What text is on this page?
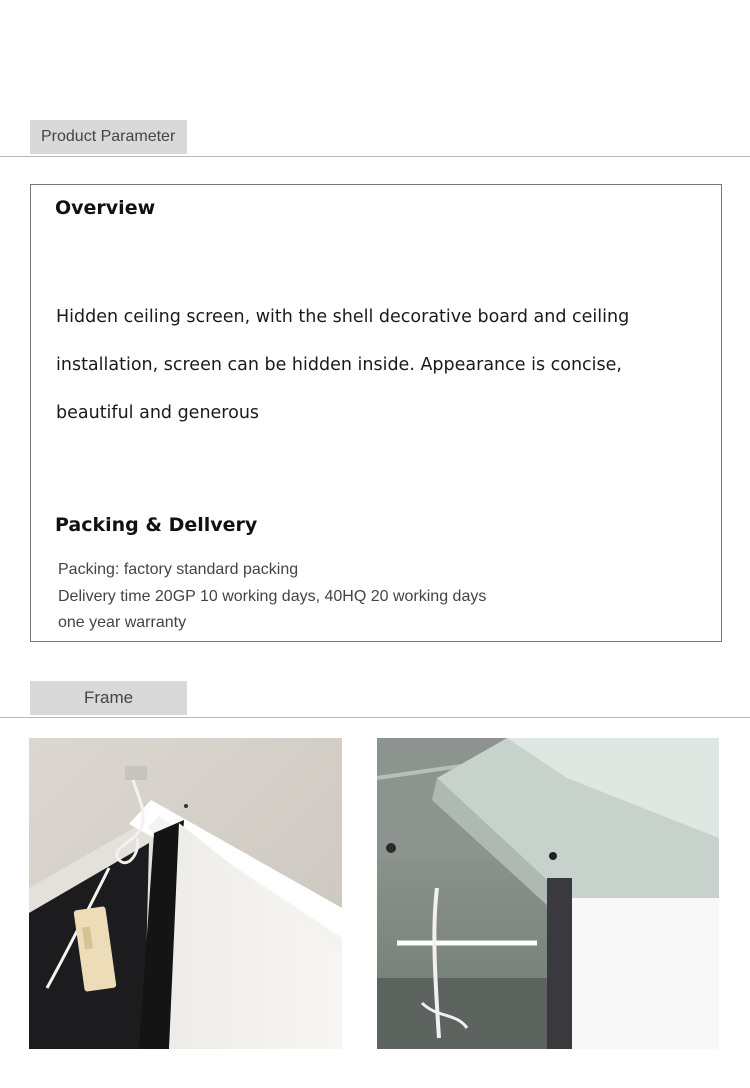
Product Parameter
Overview

Hidden ceiling screen, with the shell decorative board and ceiling installation, screen can be hidden inside. Appearance is concise, beautiful and generous

Packing & Dellvery
Packing: factory standard packing
Delivery time 20GP 10 working days, 40HQ 20 working days
one year warranty
Frame
